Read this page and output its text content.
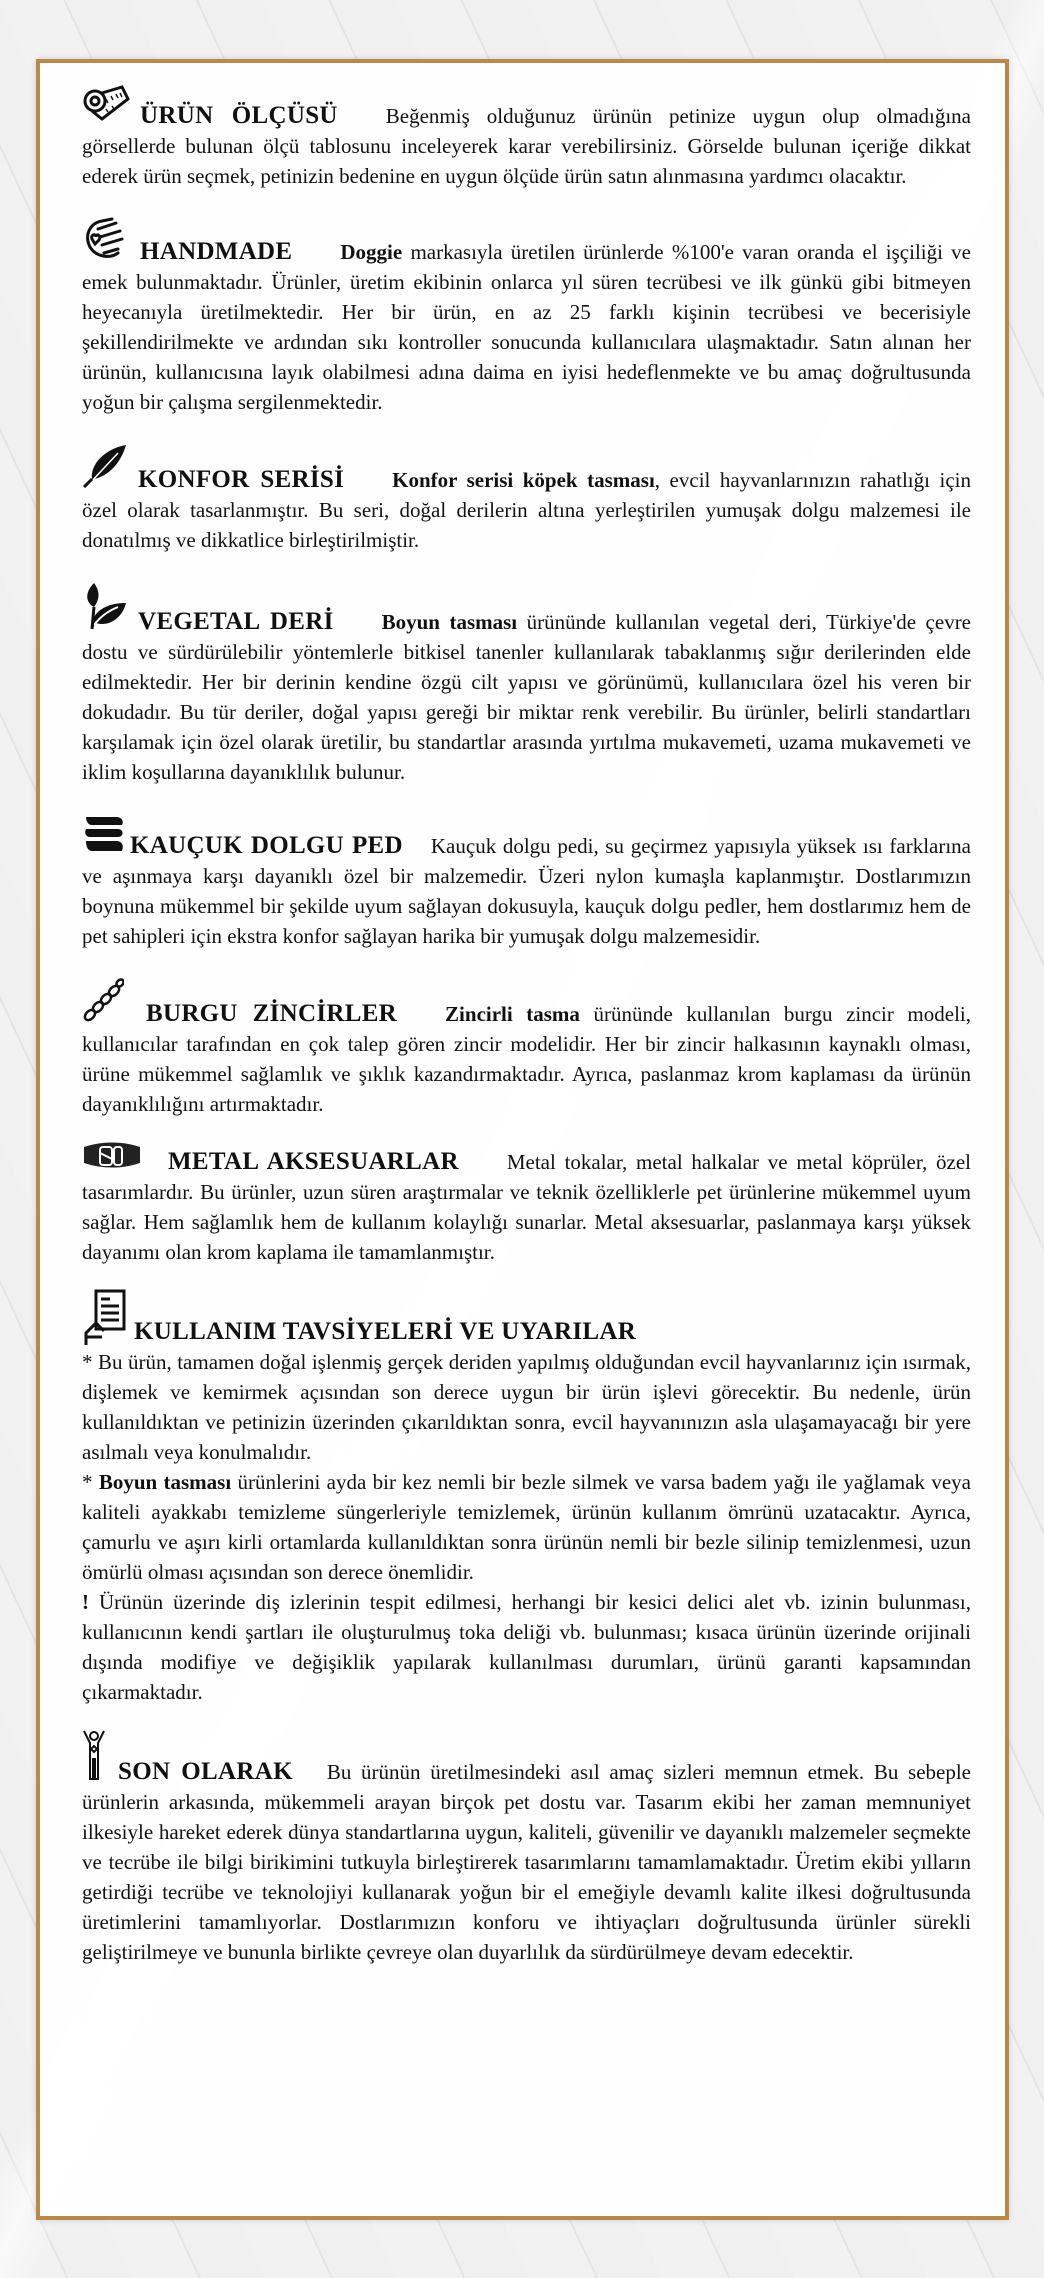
ÜRÜN ÖLÇÜSÜ Beğenmiş olduğunuz ürünün petinize uygun olup olmadığına görsellerde bulunan ölçü tablosunu inceleyerek karar verebilirsiniz. Görselde bulunan içeriğe dikkat ederek ürün seçmek, petinizin bedenine en uygun ölçüde ürün satın alınmasına yardımcı olacaktır.

HANDMADE Doggie markasıyla üretilen ürünlerde %100'e varan oranda el işçiliği ve emek bulunmaktadır. Ürünler, üretim ekibinin onlarca yıl süren tecrübesi ve ilk günkü gibi bitmeyen heyecanıyla üretilmektedir. Her bir ürün, en az 25 farklı kişinin tecrübesi ve becerisiyle şekillendirilmekte ve ardından sıkı kontroller sonucunda kullanıcılara ulaşmaktadır. Satın alınan her ürünün, kullanıcısına layık olabilmesi adına daima en iyisi hedeflenmekte ve bu amaç doğrultusunda yoğun bir çalışma sergilenmektedir.

KONFOR SERİSİ Konfor serisi köpek tasması, evcil hayvanlarınızın rahatlığı için özel olarak tasarlanmıştır. Bu seri, doğal derilerin altına yerleştirilen yumuşak dolgu malzemesi ile donatılmış ve dikkatlice birleştirilmiştir.

VEGETAL DERİ Boyun tasması ürününde kullanılan vegetal deri, Türkiye'de çevre dostu ve sürdürülebilir yöntemlerle bitkisel tanenler kullanılarak tabaklanmış sığır derilerinden elde edilmektedir. Her bir derinin kendine özgü cilt yapısı ve görünümü, kullanıcılara özel his veren bir dokudadır. Bu tür deriler, doğal yapısı gereği bir miktar renk verebilir. Bu ürünler, belirli standartları karşılamak için özel olarak üretilir, bu standartlar arasında yırtılma mukavemeti, uzama mukavemeti ve iklim koşullarına dayanıklılık bulunur.

KAUÇUK DOLGU PED Kauçuk dolgu pedi, su geçirmez yapısıyla yüksek ısı farklarına ve aşınmaya karşı dayanıklı özel bir malzemedir. Üzeri nylon kumaşla kaplanmıştır. Dostlarımızın boynuna mükemmel bir şekilde uyum sağlayan dokusuyla, kauçuk dolgu pedler, hem dostlarımız hem de pet sahipleri için ekstra konfor sağlayan harika bir yumuşak dolgu malzemesidir.

BURGU ZİNCİRLER Zincirli tasma ürününde kullanılan burgu zincir modeli, kullanıcılar tarafından en çok talep gören zincir modelidir. Her bir zincir halkasının kaynaklı olması, ürüne mükemmel sağlamlık ve şıklık kazandırmaktadır. Ayrıca, paslanmaz krom kaplaması da ürünün dayanıklılığını artırmaktadır.

METAL AKSESUARLAR Metal tokalar, metal halkalar ve metal köprüler, özel tasarımlardır. Bu ürünler, uzun süren araştırmalar ve teknik özelliklerle pet ürünlerine mükemmel uyum sağlar. Hem sağlamlık hem de kullanım kolaylığı sunarlar. Metal aksesuarlar, paslanmaya karşı yüksek dayanımı olan krom kaplama ile tamamlanmıştır.

KULLANIM TAVSİYELERİ VE UYARILAR

* Bu ürün, tamamen doğal işlenmiş gerçek deriden yapılmış olduğundan evcil hayvanlarınız için ısırmak, dişlemek ve kemirmek açısından son derece uygun bir ürün işlevi görecektir. Bu nedenle, ürün kullanıldıktan ve petinizin üzerinden çıkarıldıktan sonra, evcil hayvanınızın asla ulaşamayacağı bir yere asılmalı veya konulmalıdır.

* Boyun tasması ürünlerini ayda bir kez nemli bir bezle silmek ve varsa badem yağı ile yağlamak veya kaliteli ayakkabı temizleme süngerleriyle temizlemek, ürünün kullanım ömrünü uzatacaktır. Ayrıca, çamurlu ve aşırı kirli ortamlarda kullanıldıktan sonra ürünün nemli bir bezle silinip temizlenmesi, uzun ömürlü olması açısından son derece önemlidir.

! Ürünün üzerinde diş izlerinin tespit edilmesi, herhangi bir kesici delici alet vb. izinin bulunması, kullanıcının kendi şartları ile oluşturulmuş toka deliği vb. bulunması; kısaca ürünün üzerinde orijinali dışında modifiye ve değişiklik yapılarak kullanılması durumları, ürünü garanti kapsamından çıkarmaktadır.

SON OLARAK Bu ürünün üretilmesindeki asıl amaç sizleri memnun etmek. Bu sebeple ürünlerin arkasında, mükemmeli arayan birçok pet dostu var. Tasarım ekibi her zaman memnuniyet ilkesiyle hareket ederek dünya standartlarına uygun, kaliteli, güvenilir ve dayanıklı malzemeler seçmekte ve tecrübe ile bilgi birikimini tutkuyla birleştirerek tasarımlarını tamamlamaktadır. Üretim ekibi yılların getirdiği tecrübe ve teknolojiyi kullanarak yoğun bir el emeğiyle devamlı kalite ilkesi doğrultusunda üretimlerini tamamlıyorlar. Dostlarımızın konforu ve ihtiyaçları doğrultusunda ürünler sürekli geliştirilmeye ve bununla birlikte çevreye olan duyarlılık da sürdürülmeye devam edecektir.
